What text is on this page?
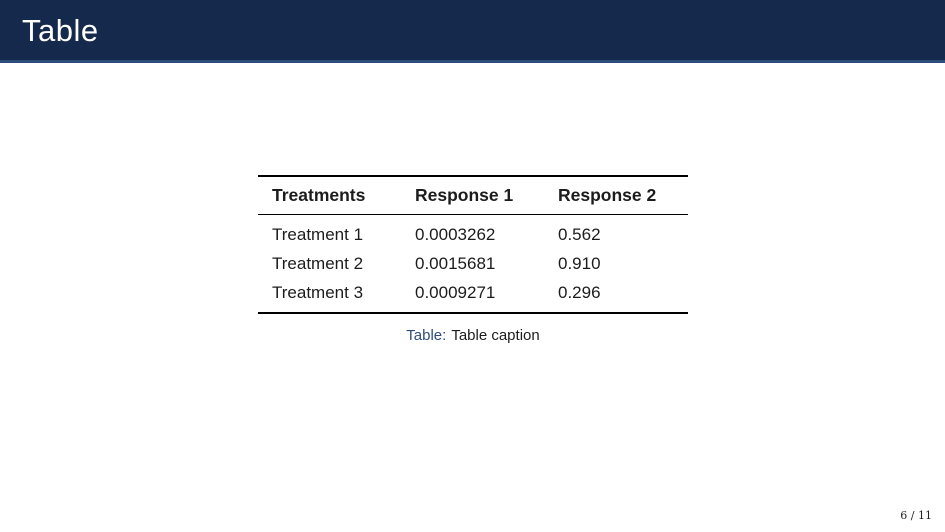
Table
Treatments	Response 1	Response 2
Treatment 1	0.0003262	0.562
Treatment 2	0.0015681	0.910
Treatment 3	0.0009271	0.296
Table: Table caption
6 / 11
